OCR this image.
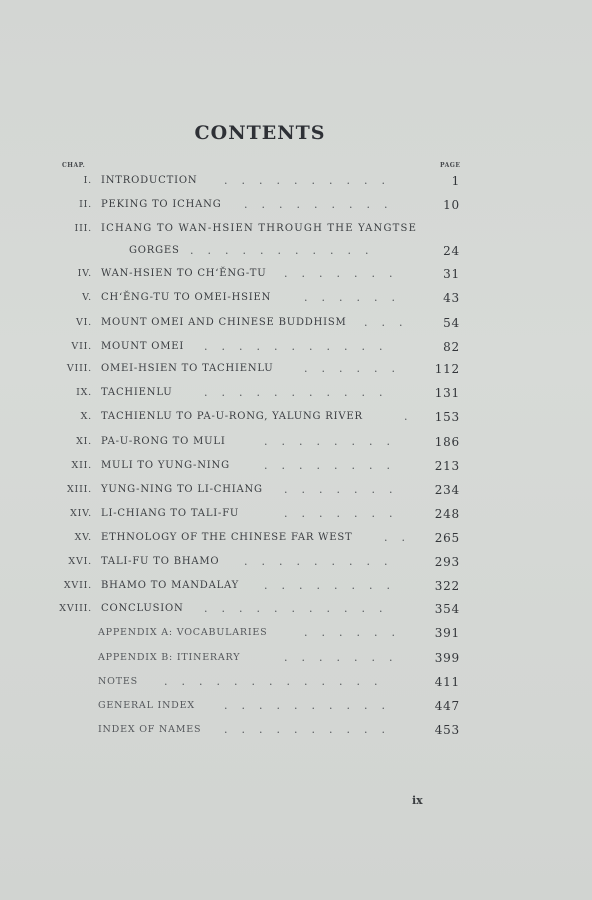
CONTENTS
CHAP.	PAGE
I. INTRODUCTION ..........	1
II. PEKING TO ICHANG .........	10
III. ICHANG TO WAN-HSIEN THROUGH THE YANGTSE
GORGES ...........	24
IV. WAN-HSIEN TO CH‘ĔNG-TU .......	31
V. CH‘ĔNG-TU TO OMEI-HSIEN	......	43
VI. MOUNT OMEI AND CHINESE BUDDHISM ...	54
VII. MOUNT OMEI ...........	82
VIII. OMEI-HSIEN TO TACHIENLU	......	112
IX. TACHIENLU	...........	131
X. TACHIENLU TO PA-U-RONG, YALUNG RIVER	.	153
XI. PA-U-RONG TO MULI	........	186
XII. MULI TO YUNG-NING	........	213
XIII. YUNG-NING TO LI-CHIANG .......	234
XIV. LI-CHIANG TO TALI-FU	.......	248
XV. ETHNOLOGY OF THE CHINESE FAR WEST	..	265
XVI. TALI-FU TO BHAMO .........	293
XVII. BHAMO TO MANDALAY ........	322
XVIII. CONCLUSION ...........	354
APPENDIX A: VOCABULARIES	......	391
APPENDIX B: ITINERARY	.......	399
NOTES .............	411
GENERAL INDEX	..........	447
INDEX OF NAMES ..........	453
ix
